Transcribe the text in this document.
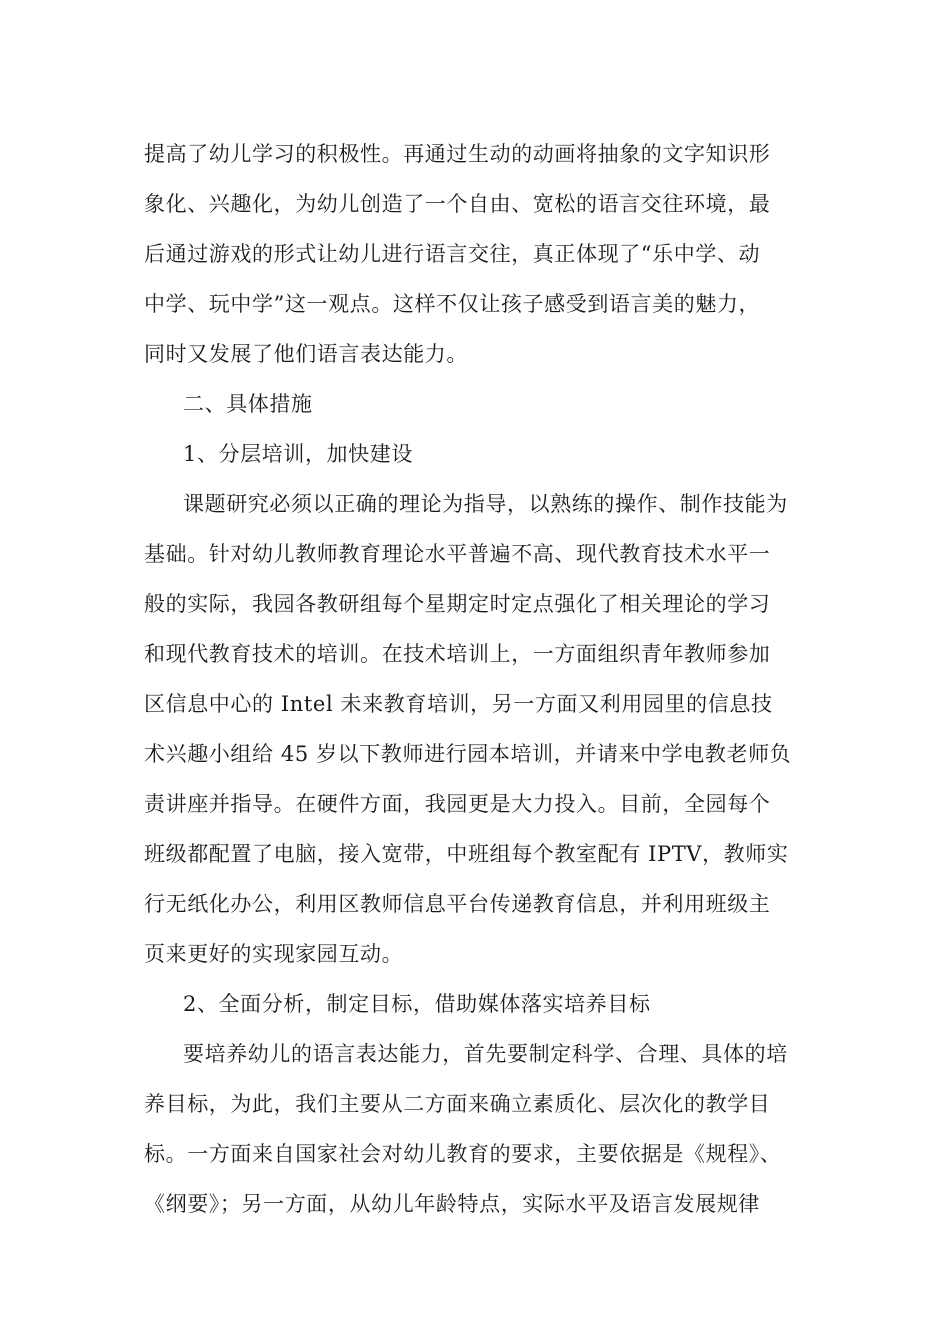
提高了幼儿学习的积极性。再通过生动的动画将抽象的文字知识形
象化、兴趣化，为幼儿创造了一个自由、宽松的语言交往环境，最
后通过游戏的形式让幼儿进行语言交往，真正体现了“乐中学、动
中学、玩中学”这一观点。这样不仅让孩子感受到语言美的魅力，
同时又发展了他们语言表达能力。
二、具体措施
1、分层培训，加快建设
课题研究必须以正确的理论为指导，以熟练的操作、制作技能为
基础。针对幼儿教师教育理论水平普遍不高、现代教育技术水平一
般的实际，我园各教研组每个星期定时定点强化了相关理论的学习
和现代教育技术的培训。在技术培训上，一方面组织青年教师参加
区信息中心的 Intel 未来教育培训，另一方面又利用园里的信息技
术兴趣小组给 45 岁以下教师进行园本培训，并请来中学电教老师负
责讲座并指导。在硬件方面，我园更是大力投入。目前，全园每个
班级都配置了电脑，接入宽带，中班组每个教室配有 IPTV，教师实
行无纸化办公，利用区教师信息平台传递教育信息，并利用班级主
页来更好的实现家园互动。
2、全面分析，制定目标，借助媒体落实培养目标
要培养幼儿的语言表达能力，首先要制定科学、合理、具体的培
养目标，为此，我们主要从二方面来确立素质化、层次化的教学目
标。一方面来自国家社会对幼儿教育的要求，主要依据是《规程》、
《纲要》；另一方面，从幼儿年龄特点，实际水平及语言发展规律
